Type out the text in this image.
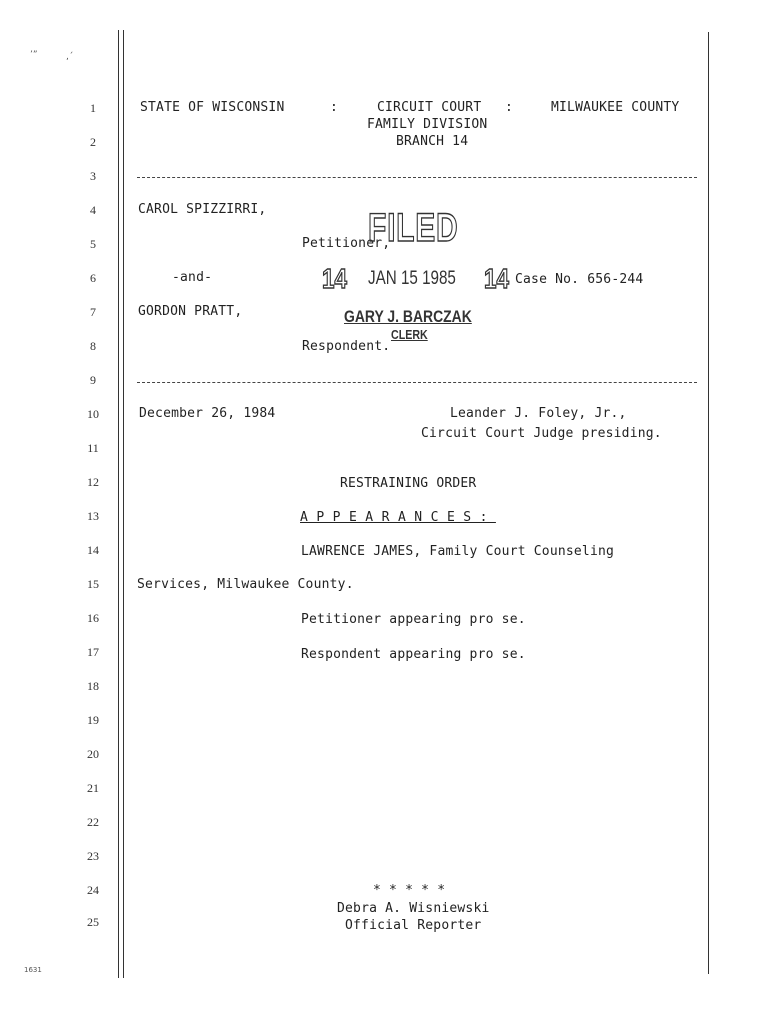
1
2
3
4
5
6
7
8
9
10
11
12
13
14
15
16
17
18
19
20
21
22
23
24
25
STATE OF WISCONSIN	:	CIRCUIT COURT :	MILWAUKEE COUNTY
FAMILY DIVISION
BRANCH 14
CAROL SPIZZIRRI,
Petitioner,
-and-	Case No. 656-244
GORDON PRATT,
Respondent.
FILED
14 JAN 15 1985 14
GARY J. BARCZAK
CLERK
December 26, 1984	Leander J. Foley, Jr.,
Circuit Court Judge presiding.
RESTRAINING ORDER
APPEARANCES:
LAWRENCE JAMES, Family Court Counseling
Services, Milwaukee County.
Petitioner appearing pro se.
Respondent appearing pro se.
* * * * *
Debra A. Wisniewski
Official Reporter
1631
’”	,´
